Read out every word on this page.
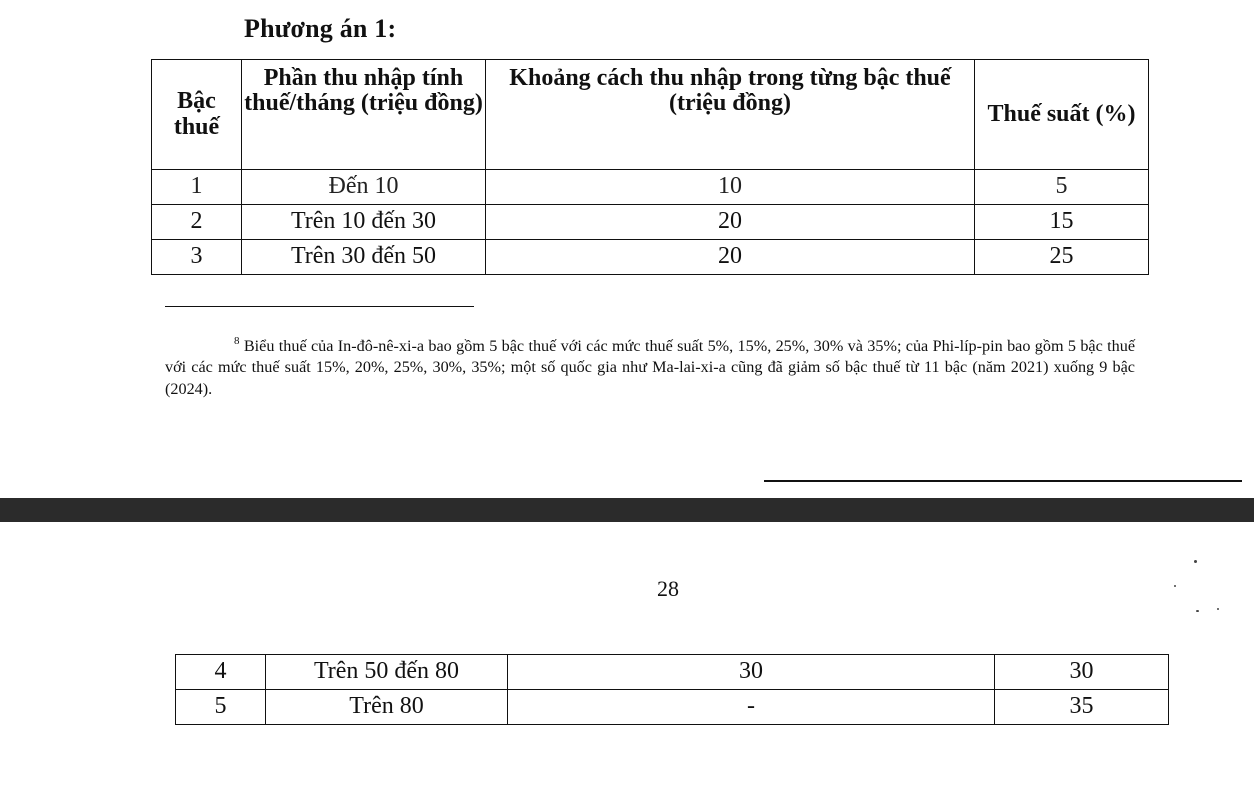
Phương án 1:
Bậc thuế	Phần thu nhập tính thuế/tháng (triệu đồng)	Khoảng cách thu nhập trong từng bậc thuế (triệu đồng)	Thuế suất (%)
1	Đến 10	10	5
2	Trên 10 đến 30	20	15
3	Trên 30 đến 50	20	25
$^8$ Biểu thuế của In-đô-nê-xi-a bao gồm 5 bậc thuế với các mức thuế suất 5%, 15%, 25%, 30% và 35%; của Phi-líp-pin bao gồm 5 bậc thuế với các mức thuế suất 15%, 20%, 25%, 30%, 35%; một số quốc gia như Ma-lai-xi-a cũng đã giảm số bậc thuế từ 11 bậc (năm 2021) xuống 9 bậc (2024).
28
4	Trên 50 đến 80	30	30
5	Trên 80	-	35
